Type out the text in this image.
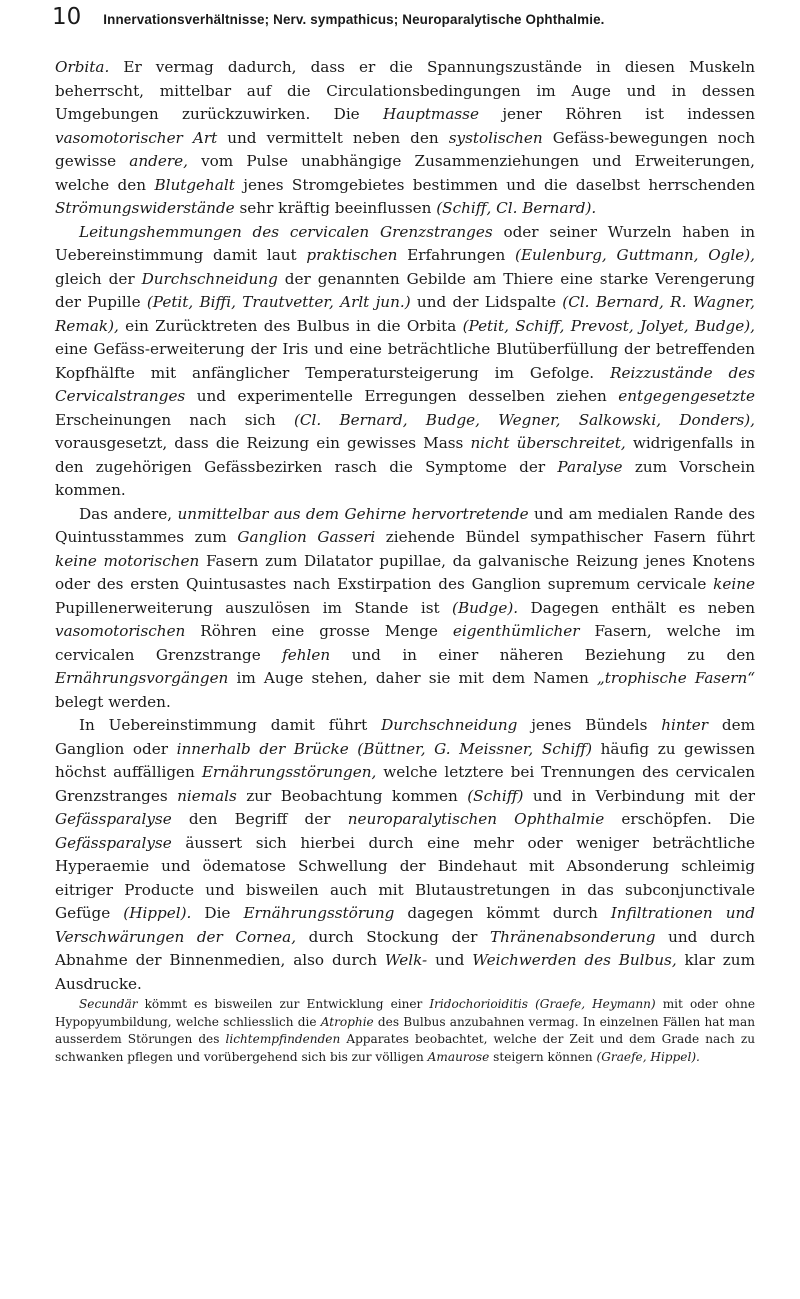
10 Innervationsverhältnisse; Nerv. sympathicus; Neuroparalytische Ophthalmie.

Orbita. Er vermag dadurch, dass er die Spannungszustände in diesen Muskeln beherrscht, mittelbar auf die Circulationsbedingungen im Auge und in dessen Umgebungen zurückzuwirken. Die Hauptmasse jener Röhren ist indessen vasomotorischer Art und vermittelt neben den systolischen Gefäss-bewegungen noch gewisse andere, vom Pulse unabhängige Zusammenziehungen und Erweiterungen, welche den Blutgehalt jenes Stromgebietes bestimmen und die daselbst herrschenden Strömungswiderstände sehr kräftig beeinflussen (Schiff, Cl. Bernard).

Leitungshemmungen des cervicalen Grenzstranges oder seiner Wurzeln haben in Uebereinstimmung damit laut praktischen Erfahrungen (Eulenburg, Guttmann, Ogle), gleich der Durchschneidung der genannten Gebilde am Thiere eine starke Verengerung der Pupille (Petit, Biffi, Trautvetter, Arlt jun.) und der Lidspalte (Cl. Bernard, R. Wagner, Remak), ein Zurücktreten des Bulbus in die Orbita (Petit, Schiff, Prevost, Jolyet, Budge), eine Gefäss-erweiterung der Iris und eine beträchtliche Blutüberfüllung der betreffenden Kopfhälfte mit anfänglicher Temperatursteigerung im Gefolge. Reizzustände des Cervicalstranges und experimentelle Erregungen desselben ziehen entgegengesetzte Erscheinungen nach sich (Cl. Bernard, Budge, Wegner, Salkowski, Donders), vorausgesetzt, dass die Reizung ein gewisses Mass nicht überschreitet, widrigenfalls in den zugehörigen Gefässbezirken rasch die Symptome der Paralyse zum Vorschein kommen.

Das andere, unmittelbar aus dem Gehirne hervortretende und am medialen Rande des Quintusstammes zum Ganglion Gasseri ziehende Bündel sympathischer Fasern führt keine motorischen Fasern zum Dilatator pupillae, da galvanische Reizung jenes Knotens oder des ersten Quintusastes nach Exstirpation des Ganglion supremum cervicale keine Pupillenerweiterung auszulösen im Stande ist (Budge). Dagegen enthält es neben vasomotorischen Röhren eine grosse Menge eigenthümlicher Fasern, welche im cervicalen Grenzstrange fehlen und in einer näheren Beziehung zu den Ernährungsvorgängen im Auge stehen, daher sie mit dem Namen „trophische Fasern“ belegt werden.

In Uebereinstimmung damit führt Durchschneidung jenes Bündels hinter dem Ganglion oder innerhalb der Brücke (Büttner, G. Meissner, Schiff) häufig zu gewissen höchst auffälligen Ernährungsstörungen, welche letztere bei Trennungen des cervicalen Grenzstranges niemals zur Beobachtung kommen (Schiff) und in Verbindung mit der Gefässparalyse den Begriff der neuroparalytischen Ophthalmie erschöpfen. Die Gefässparalyse äussert sich hierbei durch eine mehr oder weniger beträchtliche Hyperaemie und ödematose Schwellung der Bindehaut mit Absonderung schleimig eitriger Producte und bisweilen auch mit Blutaustretungen in das subconjunctivale Gefüge (Hippel). Die Ernährungsstörung dagegen kömmt durch Infiltrationen und Verschwärungen der Cornea, durch Stockung der Thränenabsonderung und durch Abnahme der Binnenmedien, also durch Welk- und Weichwerden des Bulbus, klar zum Ausdrucke.

Secundär kömmt es bisweilen zur Entwicklung einer Iridochorioiditis (Graefe, Heymann) mit oder ohne Hypopyumbildung, welche schliesslich die Atrophie des Bulbus anzubahnen vermag. In einzelnen Fällen hat man ausserdem Störungen des lichtempfindenden Apparates beobachtet, welche der Zeit und dem Grade nach zu schwanken pflegen und vorübergehend sich bis zur völligen Amaurose steigern können (Graefe, Hippel).
